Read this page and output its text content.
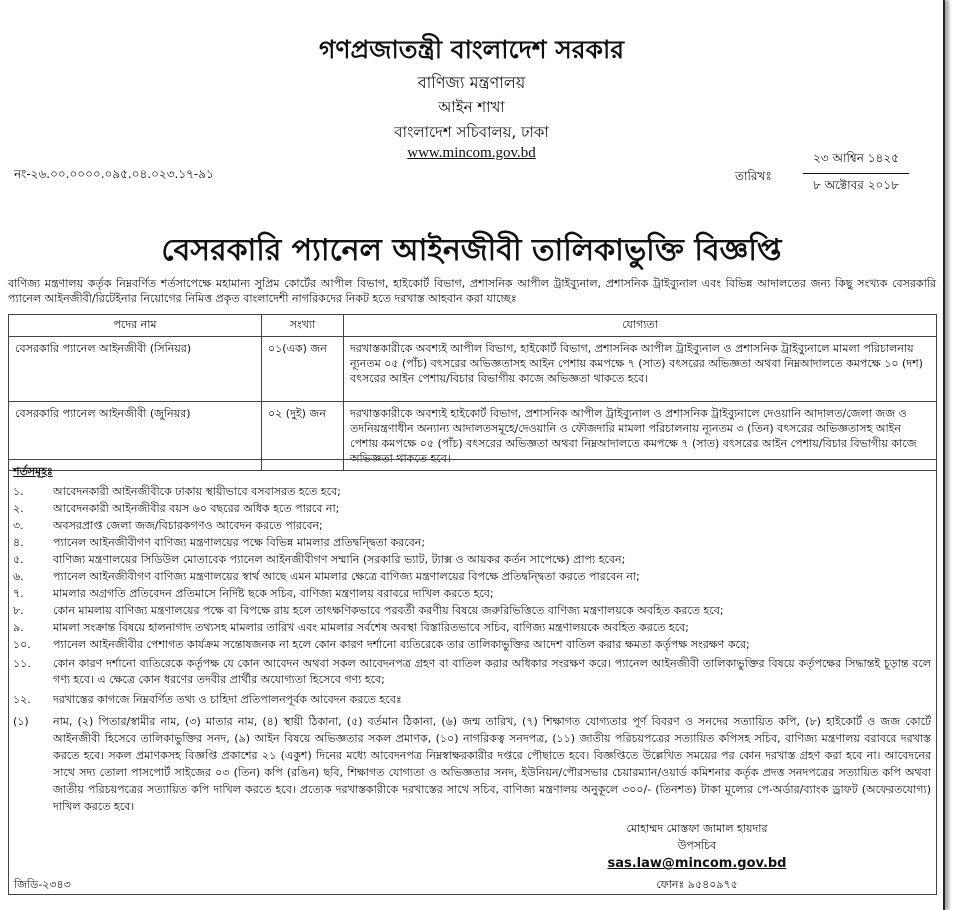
গণপ্রজাতন্ত্রী বাংলাদেশ সরকার
বাণিজ্য মন্ত্রণালয়
আইন শাখা
বাংলাদেশ সচিবালয়, ঢাকা
www.mincom.gov.bd
নং-২৬.০০.০০০০.০৯৫.০৪.০২৩.১৭-৯১	তারিখঃ
২৩ আশ্বিন ১৪২৫
৮ অক্টোবর ২০১৮
বেসরকারি প্যানেল আইনজীবী তালিকাভুক্তি বিজ্ঞপ্তি
বাণিজ্য মন্ত্রণালয় কর্তৃক নিম্নবর্ণিত শর্তসাপেক্ষে মহামান্য সুপ্রিম কোর্টের আপীল বিভাগ, হাইকোর্ট বিভাগ, প্রশাসনিক আপীল ট্রাইব্যুনাল, প্রশাসনিক ট্রাইব্যুনাল এবং বিভিন্ন আদালতের জন্য কিছু সংখ্যক বেসরকারি প্যানেল আইনজীবী/রিটেইনার নিয়োগের নিমিত্ত প্রকৃত বাংলাদেশী নাগরিকদের নিকট হতে দরখাস্ত আহবান করা যাচ্ছেঃ
পদের নাম	সংখ্যা	যোগ্যতা
বেসরকারি প্যানেল আইনজীবী (সিনিয়র)	০১(এক) জন	দরখাস্তকারীকে অবশ্যই আপীল বিভাগ, হাইকোর্ট বিভাগ, প্রশাসনিক আপীল ট্রাইব্যুনাল ও প্রশাসনিক ট্রাইব্যুনালে মামলা পরিচালনায় ন্যূনতম ০৫ (পাঁচ) বৎসরের অভিজ্ঞতাসহ আইন পেশায় কমপক্ষে ৭ (সাত) বৎসরের অভিজ্ঞতা অথবা নিম্নআদালতে কমপক্ষে ১০ (দশ) বৎসরের আইন পেশায়/বিচার বিভাগীয় কাজে অভিজ্ঞতা থাকতে হবে।
বেসরকারি প্যানেল আইনজীবী (জুনিয়র)	০২ (দুই) জন	দরখাস্তকারীকে অবশ্যই হাইকোর্ট বিভাগ, প্রশাসনিক আপীল ট্রাইব্যুনাল ও প্রশাসনিক ট্রাইব্যুনালে দেওয়ানি আদালত/জেলা জজ ও তদনিয়ন্ত্রণাধীন অন্যান্য আদালতসমূহে/দেওয়ানি ও ফৌজদারি মামলা পরিচালনায় ন্যূনতম ৩ (তিন) বৎসরের অভিজ্ঞতাসহ আইন পেশায় কমপক্ষে ০৫ (পাঁচ) বৎসরের অভিজ্ঞতা অথবা নিম্নআদালতে কমপক্ষে ৭ (সাত) বৎসরের আইন পেশায়/বিচার বিভাগীয় কাজে অভিজ্ঞতা থাকতে হবে।
শর্তসমূহঃ
১.	আবেদনকারী আইনজীবীকে ঢাকায় স্থায়ীভাবে বসবাসরত হতে হবে;
২.	আবেদনকারী আইনজীবীর বয়স ৬০ বছরের অধিক হতে পারবে না;
৩.	অবসরপ্রাপ্ত জেলা জজ/বিচারকগণও আবেদন করতে পারবেন;
৪.	প্যানেল আইনজীবীগণ বাণিজ্য মন্ত্রণালয়ের পক্ষে বিভিন্ন মামলার প্রতিদ্বন্দ্বিতা করবেন;
৫.	বাণিজ্য মন্ত্রণালয়ের সিডিউল মোতাবেক প্যানেল আইনজীবীগণ সম্মানি (সরকারি ভ্যাট, ট্যাক্স ও আয়কর কর্তন সাপেক্ষে) প্রাপ্য হবেন;
৬.	প্যানেল আইনজীবীগণ বাণিজ্য মন্ত্রণালয়ের স্বার্থ আছে এমন মামলার ক্ষেত্রে বাণিজ্য মন্ত্রণালয়ের বিপক্ষে প্রতিদ্বন্দ্বিতা করতে পারবেন না;
৭.	মামলার অগ্রগতি প্রতিবেদন প্রতিমাসে নির্দিষ্ট ছকে সচিব, বাণিজ্য মন্ত্রণালয় বরাবরে দাখিল করতে হবে;
৮.	কোন মামলায় বাণিজ্য মন্ত্রণালয়ের পক্ষে বা বিপক্ষে রায় হলে তাৎক্ষণিকভাবে পরবর্তী করণীয় বিষয়ে জরুরিভিত্তিতে বাণিজ্য মন্ত্রণালয়কে অবহিত করতে হবে;
৯.	মামলা সংক্রান্ত বিষয়ে হালনাগাদ তথ্যসহ মামলার তারিখ এবং মামলার সর্বশেষ অবস্থা বিস্তারিতভাবে সচিব, বাণিজ্য মন্ত্রণালয়কে অবহিত করতে হবে;
১০.	প্যানেল আইনজীবীর পেশাগত কার্যক্রম সন্তোষজনক না হলে কোন কারণ দর্শানো ব্যতিরেকে তার তালিকাভুক্তির আদেশ বাতিল করার ক্ষমতা কর্তৃপক্ষ সংরক্ষণ করে;
১১.	কোন কারণ দর্শানো ব্যতিরেকে কর্তৃপক্ষ যে কোন আবেদন অথবা সকল আবেদনপত্র গ্রহণ বা বাতিল করার অধিকার সংরক্ষণ করে। প্যানেল আইনজীবী তালিকাভুক্তির বিষয়ে কর্তৃপক্ষের সিদ্ধান্তই চূড়ান্ত বলে গণ্য হবে। এ ক্ষেত্রে কোন ধরণের তদবীর প্রার্থীর অযোগ্যতা হিসেবে গণ্য হবে;
১২.	দরখাস্তের কাগজে নিম্নবর্ণিত তথ্য ও চাহিদা প্রতিপালনপূর্বক আবেদন করতে হবেঃ
(১) নাম, (২) পিতার/স্বামীর নাম, (৩) মাতার নাম, (৪) স্থায়ী ঠিকানা, (৫) বর্তমান ঠিকানা, (৬) জন্ম তারিখ, (৭) শিক্ষাগত যোগ্যতার পূর্ণ বিবরণ ও সনদের সত্যায়িত কপি, (৮) হাইকোর্ট ও জজ কোর্টে আইনজীবী হিসেবে তালিকাভুক্তির সনদ, (৯) আইন বিষয়ে অভিজ্ঞতার সকল প্রমাণক, (১০) নাগরিকত্ব সনদপত্র, (১১) জাতীয় পরিচয়পত্রের সত্যায়িত কপিসহ সচিব, বাণিজ্য মন্ত্রণালয় বরাবরে দরখাস্ত করতে হবে। সকল প্রমাণকসহ বিজ্ঞপ্তি প্রকাশের ২১ (একুশ) দিনের মধ্যে আবেদনপত্র নিম্নস্বাক্ষরকারীর দপ্তরে পৌছাতে হবে। বিজ্ঞপ্তিতে উল্লেখিত সময়ের পর কোন দরখাস্ত গ্রহণ করা হবে না। আবেদনের সাথে সদ্য তোলা পাসপোর্ট সাইজের ০৩ (তিন) কপি (রঙিন) ছবি, শিক্ষাগত যোগ্যতা ও অভিজ্ঞতার সনদ, ইউনিয়ন/পৌরসভার চেয়ারম্যান/ওয়ার্ড কমিশনার কর্তৃক প্রদত্ত সনদপত্রের সত্যায়িত কপি অথবা জাতীয় পরিচয়পত্রের সত্যায়িত কপি দাখিল করতে হবে। প্রত্যেক দরখাস্তকারীকে দরখাস্তের সাথে সচিব, বাণিজ্য মন্ত্রণালয় অনুকূলে ৩০০/- (তিনশত) টাকা মূল্যের পে-অর্ডার/ব্যাংক ড্রাফট (অফেরতযোগ্য) দাখিল করতে হবে।
মোহাম্মদ মোস্তফা জামাল হায়দার
উপসচিব
sas.law@mincom.gov.bd
ফোনঃ ৯৫৪০৯৭৫
জিডি-২৩৪৩
